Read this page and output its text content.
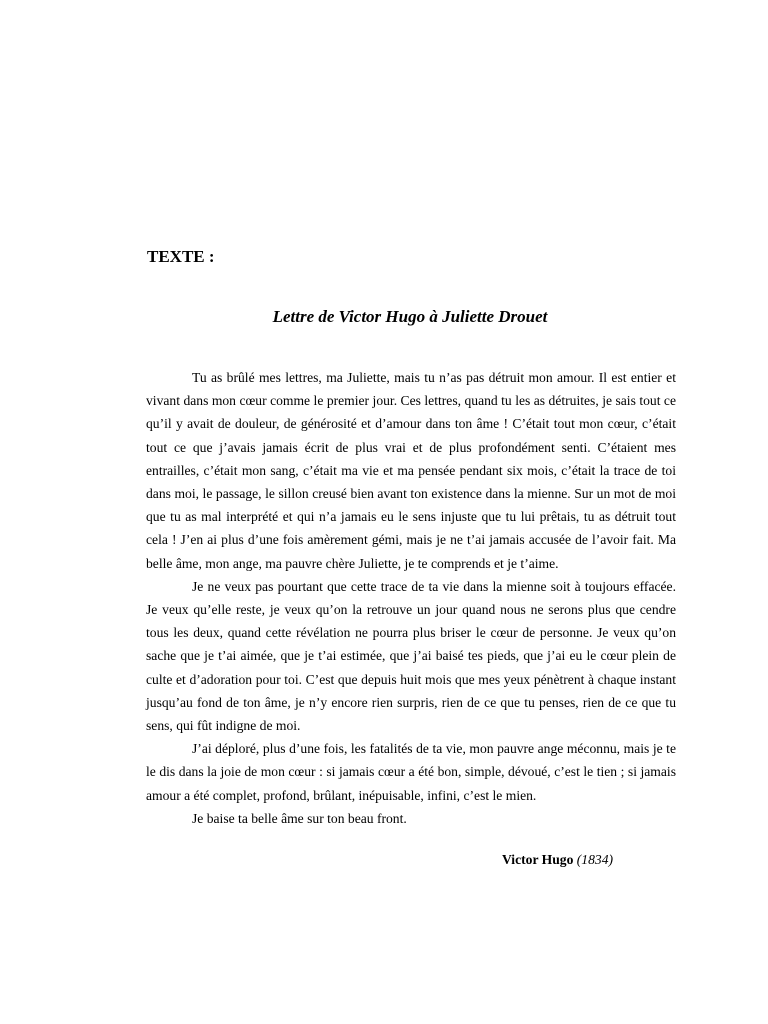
TEXTE :
Lettre de Victor Hugo à Juliette Drouet

Tu as brûlé mes lettres, ma Juliette, mais tu n’as pas détruit mon amour. Il est entier et vivant dans mon cœur comme le premier jour. Ces lettres, quand tu les as détruites, je sais tout ce qu’il y avait de douleur, de générosité et d’amour dans ton âme ! C’était tout mon cœur, c’était tout ce que j’avais jamais écrit de plus vrai et de plus profondément senti. C’étaient mes entrailles, c’était mon sang, c’était ma vie et ma pensée pendant six mois, c’était la trace de toi dans moi, le passage, le sillon creusé bien avant ton existence dans la mienne. Sur un mot de moi que tu as mal interprété et qui n’a jamais eu le sens injuste que tu lui prêtais, tu as détruit tout cela ! J’en ai plus d’une fois amèrement gémi, mais je ne t’ai jamais accusée de l’avoir fait. Ma belle âme, mon ange, ma pauvre chère Juliette, je te comprends et je t’aime.

Je ne veux pas pourtant que cette trace de ta vie dans la mienne soit à toujours effacée. Je veux qu’elle reste, je veux qu’on la retrouve un jour quand nous ne serons plus que cendre tous les deux, quand cette révélation ne pourra plus briser le cœur de personne. Je veux qu’on sache que je t’ai aimée, que je t’ai estimée, que j’ai baisé tes pieds, que j’ai eu le cœur plein de culte et d’adoration pour toi. C’est que depuis huit mois que mes yeux pénètrent à chaque instant jusqu’au fond de ton âme, je n’y encore rien surpris, rien de ce que tu penses, rien de ce que tu sens, qui fût indigne de moi.

J’ai déploré, plus d’une fois, les fatalités de ta vie, mon pauvre ange méconnu, mais je te le dis dans la joie de mon cœur : si jamais cœur a été bon, simple, dévoué, c’est le tien ; si jamais amour a été complet, profond, brûlant, inépuisable, infini, c’est le mien.

Je baise ta belle âme sur ton beau front.

Victor Hugo (1834)
